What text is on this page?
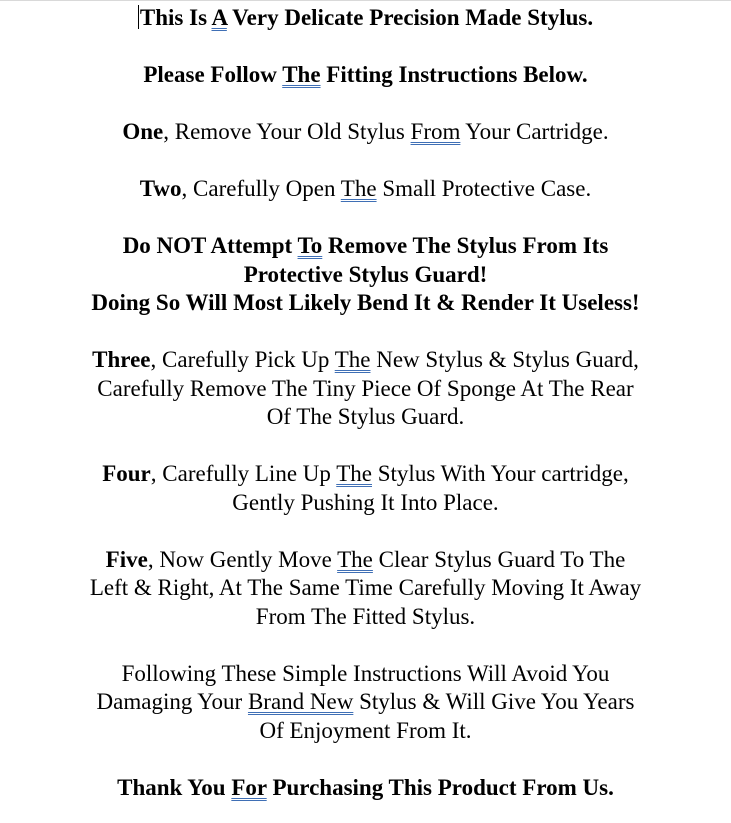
This Is A Very Delicate Precision Made Stylus.

Please Follow The Fitting Instructions Below.

One, Remove Your Old Stylus From Your Cartridge.

Two, Carefully Open The Small Protective Case.

Do NOT Attempt To Remove The Stylus From Its
Protective Stylus Guard!
Doing So Will Most Likely Bend It & Render It Useless!

Three, Carefully Pick Up The New Stylus & Stylus Guard,
Carefully Remove The Tiny Piece Of Sponge At The Rear
Of The Stylus Guard.

Four, Carefully Line Up The Stylus With Your cartridge,
Gently Pushing It Into Place.

Five, Now Gently Move The Clear Stylus Guard To The
Left & Right, At The Same Time Carefully Moving It Away
From The Fitted Stylus.

Following These Simple Instructions Will Avoid You
Damaging Your Brand New Stylus & Will Give You Years
Of Enjoyment From It.

Thank You For Purchasing This Product From Us.
